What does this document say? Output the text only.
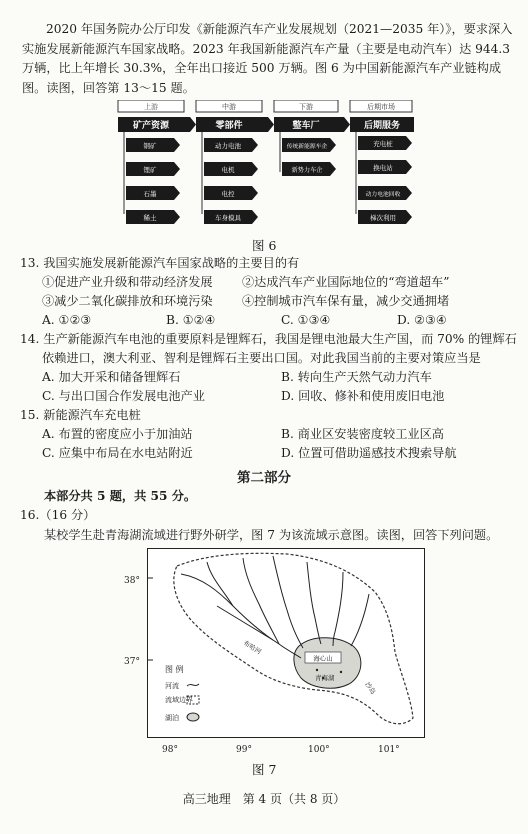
2020 年国务院办公厅印发《新能源汽车产业发展规划（2021—2035 年）》，要求深入实施发展新能源汽车国家战略。2023 年我国新能源汽车产量（主要是电动汽车）达 944.3 万辆，比上年增长 30.3%，全年出口接近 500 万辆。图 6 为中国新能源汽车产业链构成图。读图，回答第 13～15 题。
上游
矿产资源
钢矿
锂矿
石墨
稀土
中游
零部件
动力电池
电机
电控
车身模具
下游
整车厂
传统新能源车企
新势力车企
后期市场
后期服务
充电桩
换电站
动力电池回收
梯次利用
图 6
13. 我国实施发展新能源汽车国家战略的主要目的有
①促进产业升级和带动经济发展 ②达成汽车产业国际地位的“弯道超车”
③减少二氧化碳排放和环境污染 ④控制城市汽车保有量，减少交通拥堵
A. ①②③	B. ①②④	C. ①③④	D. ②③④
14. 生产新能源汽车电池的重要原料是锂辉石，我国是锂电池最大生产国，而 70% 的锂辉石
依赖进口，澳大利亚、智利是锂辉石主要出口国。对此我国当前的主要对策应当是
A. 加大开采和储备锂辉石	B. 转向生产天然气动力汽车
C. 与出口国合作发展电池产业	D. 回收、修补和使用废旧电池
15. 新能源汽车充电桩
A. 布置的密度应小于加油站	B. 商业区安装密度较工业区高
C. 应集中布局在水电站附近	D. 位置可借助遥感技术搜索导航
第二部分
本部分共 5 题，共 55 分。
16.（16 分）
某校学生赴青海湖流域进行野外研学，图 7 为该流域示意图。读图，回答下列问题。
图 例
河流
流域边界
湖泊
布哈河
海心山
青海湖
沙岛
38°
37°
98°	99°	100°	101°
图 7
高三地理　第 4 页（共 8 页）
